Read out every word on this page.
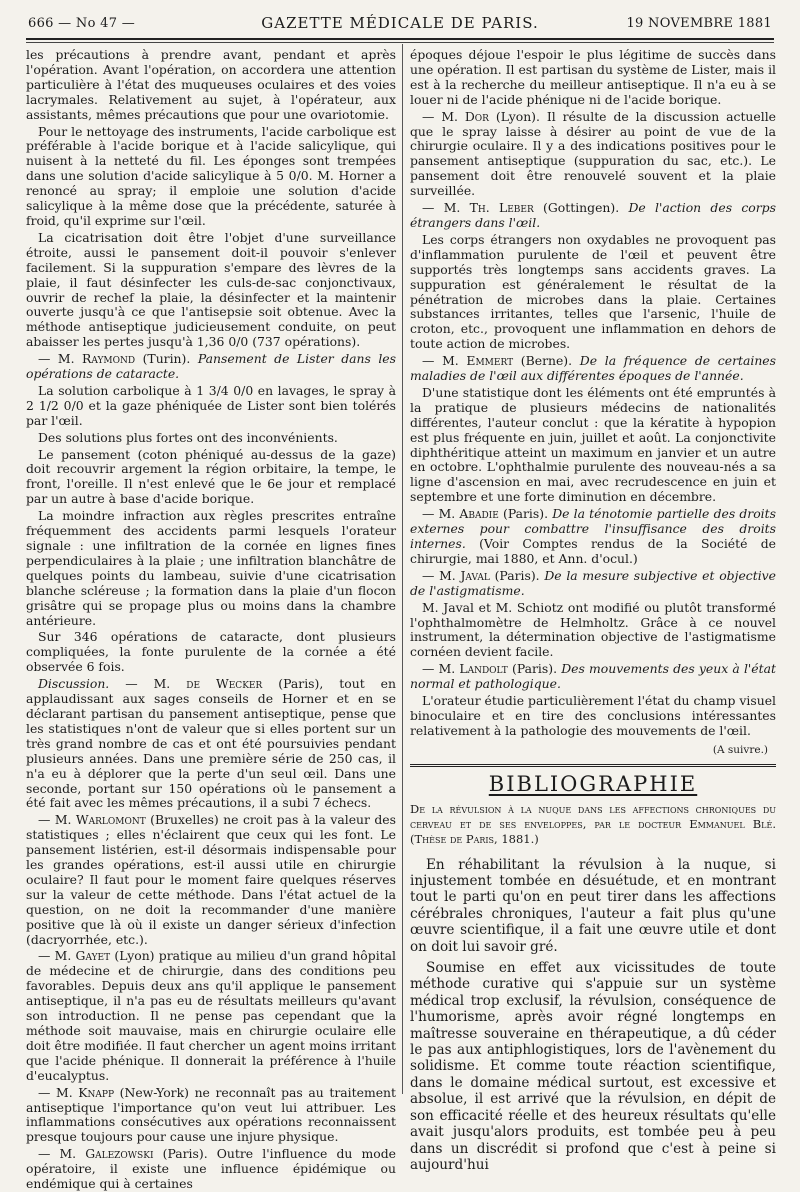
666 — No 47 —	GAZETTE MÉDICALE DE PARIS.	19 NOVEMBRE 1881

les précautions à prendre avant, pendant et après l'opération. Avant l'opération, on accordera une attention particulière à l'état des muqueuses oculaires et des voies lacrymales. Relativement au sujet, à l'opérateur, aux assistants, mêmes précautions que pour une ovariotomie.

Pour le nettoyage des instruments, l'acide carbolique est préférable à l'acide borique et à l'acide salicylique, qui nuisent à la netteté du fil. Les éponges sont trempées dans une solution d'acide salicylique à 5 0/0. M. Horner a renoncé au spray; il emploie une solution d'acide salicylique à la même dose que la précédente, saturée à froid, qu'il exprime sur l'œil.

La cicatrisation doit être l'objet d'une surveillance étroite, aussi le pansement doit-il pouvoir s'enlever facilement. Si la suppuration s'empare des lèvres de la plaie, il faut désinfecter les culs-de-sac conjonctivaux, ouvrir de rechef la plaie, la désinfecter et la maintenir ouverte jusqu'à ce que l'antisepsie soit obtenue. Avec la méthode antiseptique judicieusement conduite, on peut abaisser les pertes jusqu'à 1,36 0/0 (737 opérations).

— M. Raymond (Turin). Pansement de Lister dans les opérations de cataracte.

La solution carbolique à 1 3/4 0/0 en lavages, le spray à 2 1/2 0/0 et la gaze phéniquée de Lister sont bien tolérés par l'œil.

Des solutions plus fortes ont des inconvénients.

Le pansement (coton phéniqué au-dessus de la gaze) doit recouvrir argement la région orbitaire, la tempe, le front, l'oreille. Il n'est enlevé que le 6e jour et remplacé par un autre à base d'acide borique.

La moindre infraction aux règles prescrites entraîne fréquemment des accidents parmi lesquels l'orateur signale : une infiltration de la cornée en lignes fines perpendiculaires à la plaie ; une infiltration blanchâtre de quelques points du lambeau, suivie d'une cicatrisation blanche scléreuse ; la formation dans la plaie d'un flocon grisâtre qui se propage plus ou moins dans la chambre antérieure.

Sur 346 opérations de cataracte, dont plusieurs compliquées, la fonte purulente de la cornée a été observée 6 fois.

Discussion. — M. de Wecker (Paris), tout en applaudissant aux sages conseils de Horner et en se déclarant partisan du pansement antiseptique, pense que les statistiques n'ont de valeur que si elles portent sur un très grand nombre de cas et ont été poursuivies pendant plusieurs années. Dans une première série de 250 cas, il n'a eu à déplorer que la perte d'un seul œil. Dans une seconde, portant sur 150 opérations où le pansement a été fait avec les mêmes précautions, il a subi 7 échecs.

— M. Warlomont (Bruxelles) ne croit pas à la valeur des statistiques ; elles n'éclairent que ceux qui les font. Le pansement listérien, est-il désormais indispensable pour les grandes opérations, est-il aussi utile en chirurgie oculaire? Il faut pour le moment faire quelques réserves sur la valeur de cette méthode. Dans l'état actuel de la question, on ne doit la recommander d'une manière positive que là où il existe un danger sérieux d'infection (dacryorrhée, etc.).

— M. Gayet (Lyon) pratique au milieu d'un grand hôpital de médecine et de chirurgie, dans des conditions peu favorables. Depuis deux ans qu'il applique le pansement antiseptique, il n'a pas eu de résultats meilleurs qu'avant son introduction. Il ne pense pas cependant que la méthode soit mauvaise, mais en chirurgie oculaire elle doit être modifiée. Il faut chercher un agent moins irritant que l'acide phénique. Il donnerait la préférence à l'huile d'eucalyptus.

— M. Knapp (New-York) ne reconnaît pas au traitement antiseptique l'importance qu'on veut lui attribuer. Les inflammations consécutives aux opérations reconnaissent presque toujours pour cause une injure physique.

— M. Galezowski (Paris). Outre l'influence du mode opératoire, il existe une influence épidémique ou endémique qui à certaines

époques déjoue l'espoir le plus légitime de succès dans une opération. Il est partisan du système de Lister, mais il est à la recherche du meilleur antiseptique. Il n'a eu à se louer ni de l'acide phénique ni de l'acide borique.

— M. Dor (Lyon). Il résulte de la discussion actuelle que le spray laisse à désirer au point de vue de la chirurgie oculaire. Il y a des indications positives pour le pansement antiseptique (suppuration du sac, etc.). Le pansement doit être renouvelé souvent et la plaie surveillée.

— M. Th. Leber (Gottingen). De l'action des corps étrangers dans l'œil.

Les corps étrangers non oxydables ne provoquent pas d'inflammation purulente de l'œil et peuvent être supportés très longtemps sans accidents graves. La suppuration est généralement le résultat de la pénétration de microbes dans la plaie. Certaines substances irritantes, telles que l'arsenic, l'huile de croton, etc., provoquent une inflammation en dehors de toute action de microbes.

— M. Emmert (Berne). De la fréquence de certaines maladies de l'œil aux différentes époques de l'année.

D'une statistique dont les éléments ont été empruntés à la pratique de plusieurs médecins de nationalités différentes, l'auteur conclut : que la kératite à hypopion est plus fréquente en juin, juillet et août. La conjonctivite diphthéritique atteint un maximum en janvier et un autre en octobre. L'ophthalmie purulente des nouveau-nés a sa ligne d'ascension en mai, avec recrudescence en juin et septembre et une forte diminution en décembre.

— M. Abadie (Paris). De la ténotomie partielle des droits externes pour combattre l'insuffisance des droits internes. (Voir Comptes rendus de la Société de chirurgie, mai 1880, et Ann. d'ocul.)

— M. Javal (Paris). De la mesure subjective et objective de l'astigmatisme.

M. Javal et M. Schiotz ont modifié ou plutôt transformé l'ophthalmomètre de Helmholtz. Grâce à ce nouvel instrument, la détermination objective de l'astigmatisme cornéen devient facile.

— M. Landolt (Paris). Des mouvements des yeux à l'état normal et pathologique.

L'orateur étudie particulièrement l'état du champ visuel binoculaire et en tire des conclusions intéressantes relativement à la pathologie des mouvements de l'œil.

(A suivre.)
BIBLIOGRAPHIE
De la révulsion à la nuque dans les affections chroniques du cerveau et de ses enveloppes, par le docteur Emmanuel Blé. (Thèse de Paris, 1881.)

En réhabilitant la révulsion à la nuque, si injustement tombée en désuétude, et en montrant tout le parti qu'on en peut tirer dans les affections cérébrales chroniques, l'auteur a fait plus qu'une œuvre scientifique, il a fait une œuvre utile et dont on doit lui savoir gré.

Soumise en effet aux vicissitudes de toute méthode curative qui s'appuie sur un système médical trop exclusif, la révulsion, conséquence de l'humorisme, après avoir régné longtemps en maîtresse souveraine en thérapeutique, a dû céder le pas aux antiphlogistiques, lors de l'avènement du solidisme. Et comme toute réaction scientifique, dans le domaine médical surtout, est excessive et absolue, il est arrivé que la révulsion, en dépit de son efficacité réelle et des heureux résultats qu'elle avait jusqu'alors produits, est tombée peu à peu dans un discrédit si profond que c'est à peine si aujourd'hui
